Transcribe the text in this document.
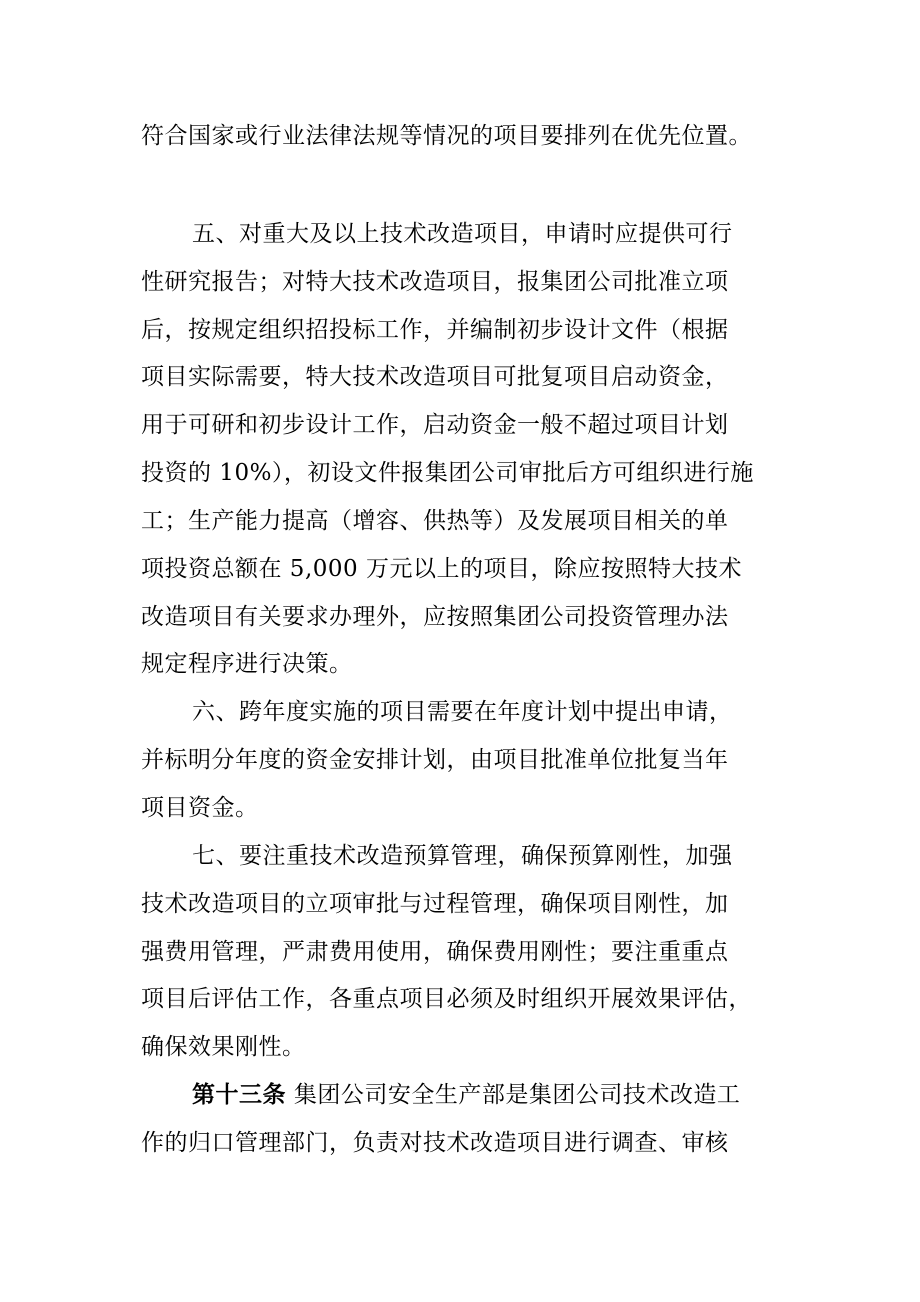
符合国家或行业法律法规等情况的项目要排列在优先位置。
五、对重大及以上技术改造项目，申请时应提供可行
性研究报告；对特大技术改造项目，报集团公司批准立项
后，按规定组织招投标工作，并编制初步设计文件（根据
项目实际需要，特大技术改造项目可批复项目启动资金，
用于可研和初步设计工作，启动资金一般不超过项目计划
投资的 10%），初设文件报集团公司审批后方可组织进行施
工；生产能力提高（增容、供热等）及发展项目相关的单
项投资总额在 5,000 万元以上的项目，除应按照特大技术
改造项目有关要求办理外，应按照集团公司投资管理办法
规定程序进行决策。
六、跨年度实施的项目需要在年度计划中提出申请，
并标明分年度的资金安排计划，由项目批准单位批复当年
项目资金。
七、要注重技术改造预算管理，确保预算刚性，加强
技术改造项目的立项审批与过程管理，确保项目刚性，加
强费用管理，严肃费用使用，确保费用刚性；要注重重点
项目后评估工作，各重点项目必须及时组织开展效果评估，
确保效果刚性。
第十三条 集团公司安全生产部是集团公司技术改造工
作的归口管理部门，负责对技术改造项目进行调查、审核
